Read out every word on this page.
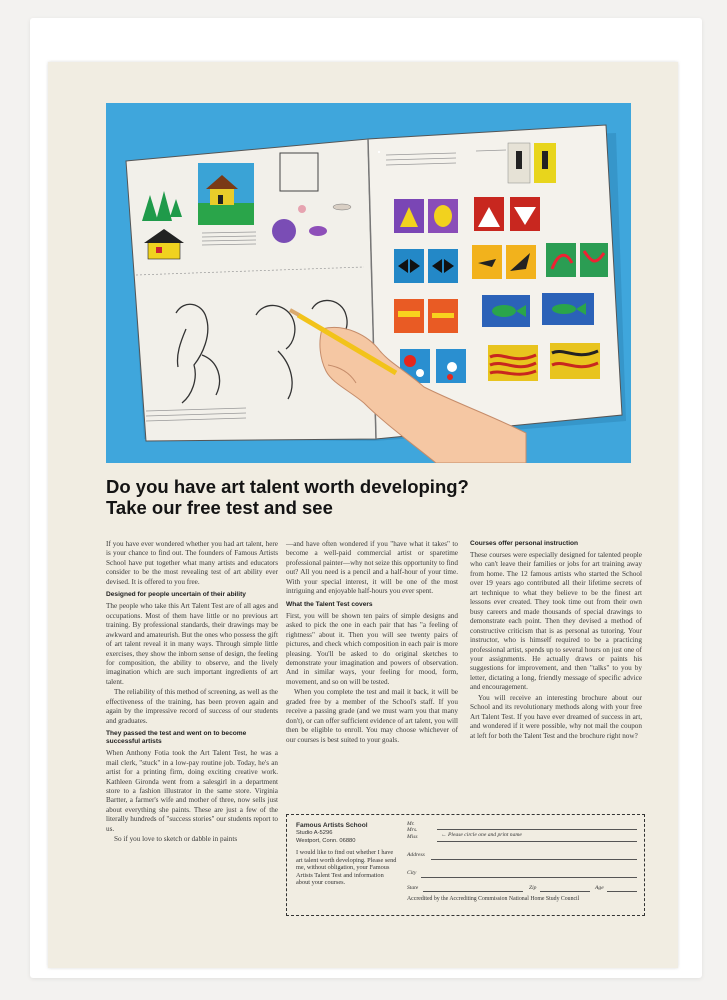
Do you have art talent worth developing?
Take our free test and see

If you have ever wondered whether you had art talent, here is your chance to find out. The founders of Famous Artists School have put together what many artists and educators consider to be the most revealing test of art ability ever devised. It is offered to you free.

Designed for people uncertain of their ability

The people who take this Art Talent Test are of all ages and occupations. Most of them have little or no previous art training. By professional standards, their drawings may be awkward and amateurish. But the ones who possess the gift of art talent reveal it in many ways. Through simple little exercises, they show the inborn sense of design, the feeling for composition, the ability to observe, and the lively imagination which are such important ingredients of art talent.

The reliability of this method of screening, as well as the effectiveness of the training, has been proven again and again by the impressive record of success of our students and graduates.

They passed the test and went on to become successful artists

When Anthony Fotia took the Art Talent Test, he was a mail clerk, "stuck" in a low-pay routine job. Today, he's an artist for a printing firm, doing exciting creative work. Kathleen Gironda went from a salesgirl in a department store to a fashion illustrator in the same store. Virginia Bartter, a farmer's wife and mother of three, now sells just about everything she paints. These are just a few of the literally hundreds of "success stories" our students report to us.

So if you love to sketch or dabble in paints

—and have often wondered if you "have what it takes" to become a well-paid commercial artist or sparetime professional painter—why not seize this opportunity to find out? All you need is a pencil and a half-hour of your time. With your special interest, it will be one of the most intriguing and enjoyable half-hours you ever spent.

What the Talent Test covers

First, you will be shown ten pairs of simple designs and asked to pick the one in each pair that has "a feeling of rightness" about it. Then you will see twenty pairs of pictures, and check which composition in each pair is more pleasing. You'll be asked to do original sketches to demonstrate your imagination and powers of observation. And in similar ways, your feeling for mood, form, movement, and so on will be tested.

When you complete the test and mail it back, it will be graded free by a member of the School's staff. If you receive a passing grade (and we must warn you that many don't), or can offer sufficient evidence of art talent, you will then be eligible to enroll. You may choose whichever of our courses is best suited to your goals.

Courses offer personal instruction

These courses were especially designed for talented people who can't leave their families or jobs for art training away from home. The 12 famous artists who started the School over 19 years ago contributed all their lifetime secrets of art technique to what they believe to be the finest art lessons ever created. They took time out from their own busy careers and made thousands of special drawings to demonstrate each point. Then they devised a method of constructive criticism that is as personal as tutoring. Your instructor, who is himself required to be a practicing professional artist, spends up to several hours on just one of your assignments. He actually draws or paints his suggestions for improvement, and then "talks" to you by letter, dictating a long, friendly message of specific advice and encouragement.

You will receive an interesting brochure about our School and its revolutionary methods along with your free Art Talent Test. If you have ever dreamed of success in art, and wondered if it were possible, why not mail the coupon at left for both the Talent Test and the brochure right now?

Famous Artists School
Studio A-5296
Westport, Conn. 06880
I would like to find out whether I have art talent worth developing. Please send me, without obligation, your Famous Artists Talent Test and information about your courses.
Mr.
Mrs.
Miss	← Please circle one and print name
Address
City
State	Zip	Age
Accredited by the Accrediting Commission National Home Study Council
